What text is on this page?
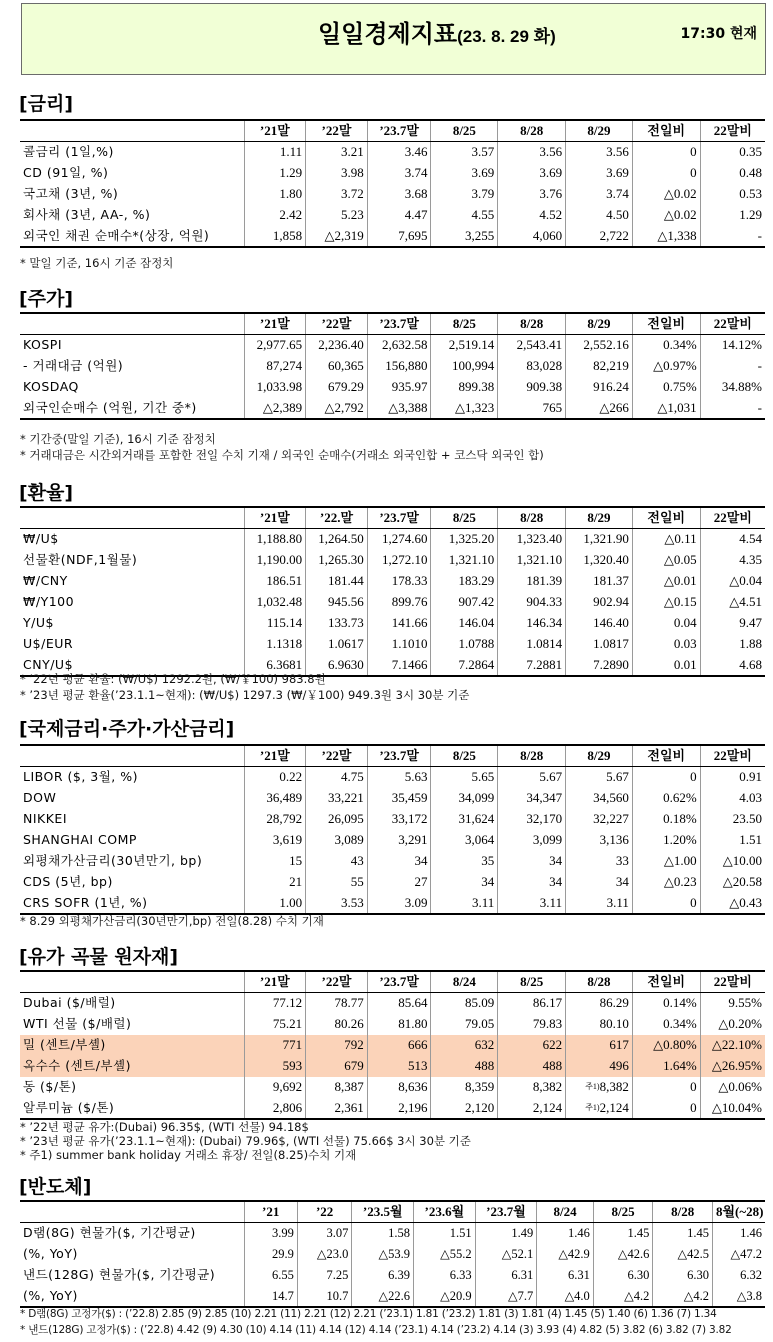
일일경제지표(23. 8. 29 화)	17:30 현재
[금리]
	’21말	’22말	’23.7말	8/25	8/28	8/29	전일비	22말비
콜금리 (1일,%)	1.11	3.21	3.46	3.57	3.56	3.56	0	0.35
CD (91일, %)	1.29	3.98	3.74	3.69	3.69	3.69	0	0.48
국고채 (3년, %)	1.80	3.72	3.68	3.79	3.76	3.74	△0.02	0.53
회사채 (3년, AA-, %)	2.42	5.23	4.47	4.55	4.52	4.50	△0.02	1.29
외국인 채권 순매수*(상장, 억원)	1,858	△2,319	7,695	3,255	4,060	2,722	△1,338	-
* 말일 기준, 16시 기준 잠정치
[주가]
	’21말	’22말	’23.7말	8/25	8/28	8/29	전일비	22말비
KOSPI	2,977.65	2,236.40	2,632.58	2,519.14	2,543.41	2,552.16	0.34%	14.12%
- 거래대금 (억원)	87,274	60,365	156,880	100,994	83,028	82,219	△0.97%	-
KOSDAQ	1,033.98	679.29	935.97	899.38	909.38	916.24	0.75%	34.88%
외국인순매수 (억원, 기간 중*)	△2,389	△2,792	△3,388	△1,323	765	△266	△1,031	-
* 기간중(말일 기준), 16시 기준 잠정치
* 거래대금은 시간외거래를 포함한 전일 수치 기재 / 외국인 순매수(거래소 외국인합 + 코스닥 외국인 합)
[환율]
	’21말	’22.말	’23.7말	8/25	8/28	8/29	전일비	22말비
₩/U$	1,188.80	1,264.50	1,274.60	1,325.20	1,323.40	1,321.90	△0.11	4.54
선물환(NDF,1월물)	1,190.00	1,265.30	1,272.10	1,321.10	1,321.10	1,320.40	△0.05	4.35
₩/CNY	186.51	181.44	178.33	183.29	181.39	181.37	△0.01	△0.04
₩/Y100	1,032.48	945.56	899.76	907.42	904.33	902.94	△0.15	△4.51
Y/U$	115.14	133.73	141.66	146.04	146.34	146.40	0.04	9.47
U$/EUR	1.1318	1.0617	1.1010	1.0788	1.0814	1.0817	0.03	1.88
CNY/U$	6.3681	6.9630	7.1466	7.2864	7.2881	7.2890	0.01	4.68
* ’22년 평균 환율: (₩/U$) 1292.2원, (₩/￥100) 983.8원
* ’23년 평균 환율(’23.1.1~현재): (₩/U$) 1297.3 (₩/￥100) 949.3원 3시 30분 기준
[국제금리·주가·가산금리]
	’21말	’22말	’23.7말	8/25	8/28	8/29	전일비	22말비
LIBOR ($, 3월, %)	0.22	4.75	5.63	5.65	5.67	5.67	0	0.91
DOW	36,489	33,221	35,459	34,099	34,347	34,560	0.62%	4.03
NIKKEI	28,792	26,095	33,172	31,624	32,170	32,227	0.18%	23.50
SHANGHAI COMP	3,619	3,089	3,291	3,064	3,099	3,136	1.20%	1.51
외평채가산금리(30년만기, bp)	15	43	34	35	34	33	△1.00	△10.00
CDS (5년, bp)	21	55	27	34	34	34	△0.23	△20.58
CRS SOFR (1년, %)	1.00	3.53	3.09	3.11	3.11	3.11	0	△0.43
* 8.29 외평채가산금리(30년만기,bp) 전일(8.28) 수치 기재
[유가 곡물 원자재]
	’21말	’22말	’23.7말	8/24	8/25	8/28	전일비	22말비
Dubai ($/배럴)	77.12	78.77	85.64	85.09	86.17	86.29	0.14%	9.55%
WTI 선물 ($/배럴)	75.21	80.26	81.80	79.05	79.83	80.10	0.34%	△0.20%
밀 (센트/부셸)	771	792	666	632	622	617	△0.80%	△22.10%
옥수수 (센트/부셸)	593	679	513	488	488	496	1.64%	△26.95%
동 ($/톤)	9,692	8,387	8,636	8,359	8,382	$^{주1)}$8,382	0	△0.06%
알루미늄 ($/톤)	2,806	2,361	2,196	2,120	2,124	$^{주1)}$2,124	0	△10.04%
* ’22년 평균 유가:(Dubai) 96.35$, (WTI 선물) 94.18$
* ’23년 평균 유가(’23.1.1~현재): (Dubai) 79.96$, (WTI 선물) 75.66$ 3시 30분 기준
* 주1) summer bank holiday 거래소 휴장/ 전일(8.25)수치 기재
[반도체]
	’21	’22	’23.5월	’23.6월	’23.7월	8/24	8/25	8/28	8월(~28)
D램(8G) 현물가($, 기간평균)	3.99	3.07	1.58	1.51	1.49	1.46	1.45	1.45	1.46
(%, YoY)	29.9	△23.0	△53.9	△55.2	△52.1	△42.9	△42.6	△42.5	△47.2
낸드(128G) 현물가($, 기간평균)	6.55	7.25	6.39	6.33	6.31	6.31	6.30	6.30	6.32
(%, YoY)	14.7	10.7	△22.6	△20.9	△7.7	△4.0	△4.2	△4.2	△3.8
* D램(8G) 고정가($) : (’22.8) 2.85 (9) 2.85 (10) 2.21 (11) 2.21 (12) 2.21 (’23.1) 1.81 (’23.2) 1.81 (3) 1.81 (4) 1.45 (5) 1.40 (6) 1.36 (7) 1.34
* 낸드(128G) 고정가($) : (’22.8) 4.42 (9) 4.30 (10) 4.14 (11) 4.14 (12) 4.14 (’23.1) 4.14 (’23.2) 4.14 (3) 3.93 (4) 4.82 (5) 3.82 (6) 3.82 (7) 3.82
